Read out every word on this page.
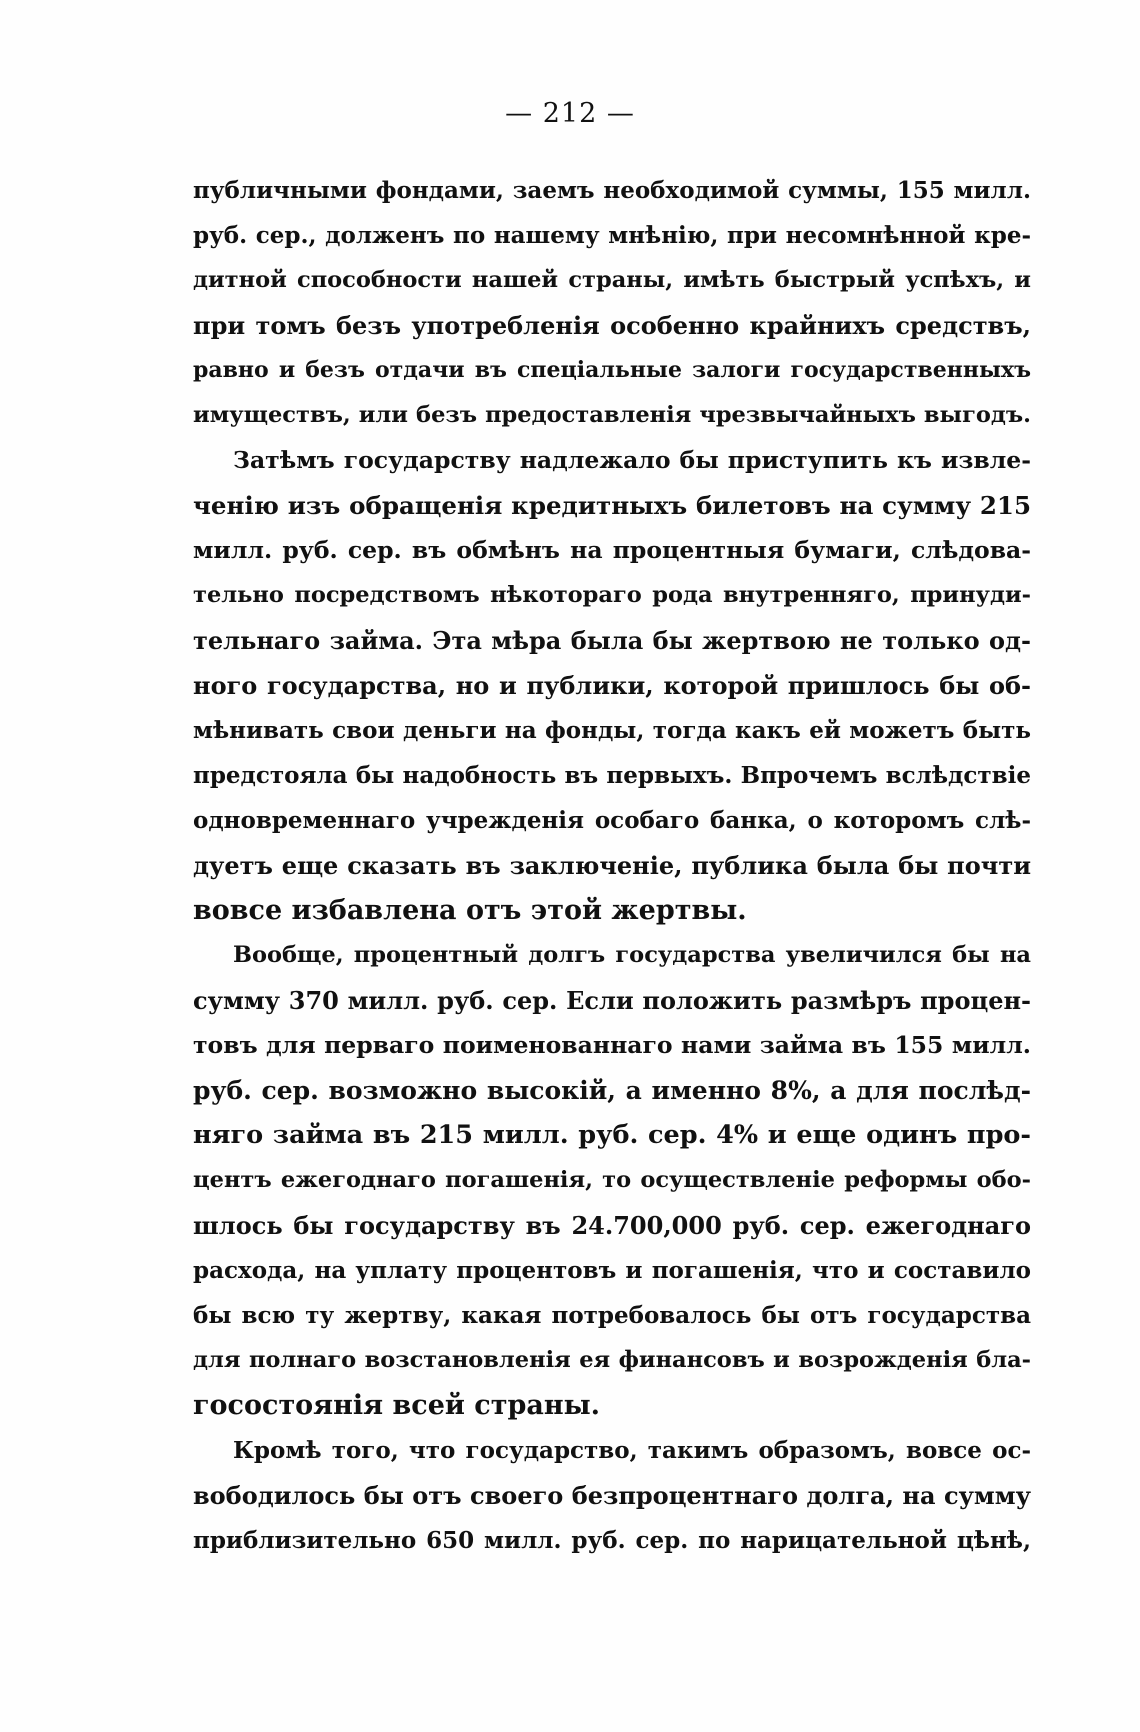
— 212 —
публичными фондами, заемъ необходимой суммы, 155 милл.
руб. сер., долженъ по нашему мнѣнію, при несомнѣнной кре-
дитной способности нашей страны, имѣть быстрый успѣхъ, и
при томъ безъ употребленія особенно крайнихъ средствъ,
равно и безъ отдачи въ спеціальные залоги государственныхъ
имуществъ, или безъ предоставленія чрезвычайныхъ выгодъ.
Затѣмъ государству надлежало бы приступить къ извле-
ченію изъ обращенія кредитныхъ билетовъ на сумму 215
милл. руб. сер. въ обмѣнъ на процентныя бумаги, слѣдова-
тельно посредствомъ нѣкотораго рода внутренняго, принуди-
тельнаго займа. Эта мѣра была бы жертвою не только од-
ного государства, но и публики, которой пришлось бы об-
мѣнивать свои деньги на фонды, тогда какъ ей можетъ быть
предстояла бы надобность въ первыхъ. Впрочемъ вслѣдствіе
одновременнаго учрежденія особаго банка, о которомъ слѣ-
дуетъ еще сказать въ заключеніе, публика была бы почти
вовсе избавлена отъ этой жертвы.
Вообще, процентный долгъ государства увеличился бы на
сумму 370 милл. руб. сер. Если положить размѣръ процен-
товъ для перваго поименованнаго нами займа въ 155 милл.
руб. сер. возможно высокій, а именно 8%, а для послѣд-
няго займа въ 215 милл. руб. сер. 4% и еще одинъ про-
центъ ежегоднаго погашенія, то осуществленіе реформы обо-
шлось бы государству въ 24.700,000 руб. сер. ежегоднаго
расхода, на уплату процентовъ и погашенія, что и составило
бы всю ту жертву, какая потребовалось бы отъ государства
для полнаго возстановленія ея финансовъ и возрожденія бла-
госостоянія всей страны.
Кромѣ того, что государство, такимъ образомъ, вовсе ос-
вободилось бы отъ своего безпроцентнаго долга, на сумму
приблизительно 650 милл. руб. сер. по нарицательной цѣнѣ,
